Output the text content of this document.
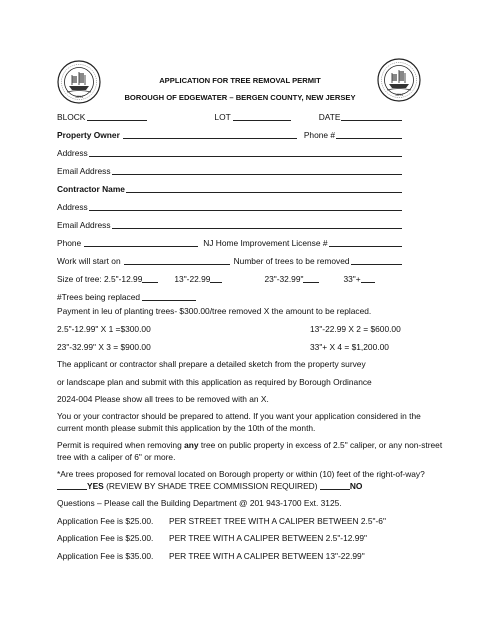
1894	1894
APPLICATION FOR TREE REMOVAL PERMIT
BOROUGH OF EDGEWATER – BERGEN COUNTY, NEW JERSEY
BLOCK	LOT	DATE
Property Owner	Phone #
Address
Email Address
Contractor Name
Address
Email Address
Phone	NJ Home Improvement License #
Work will start on	Number of trees to be removed
Size of tree: 2.5"-12.99	13"-22.99	23"-32.99"	33"+
#Trees being replaced
Payment in leu of planting trees- $300.00/tree removed X the amount to be replaced.
2.5"-12.99" X 1 =$300.00	13"-22.99 X 2 = $600.00
23"-32.99" X 3 = $900.00	33"+ X 4 = $1,200.00
The applicant or contractor shall prepare a detailed sketch from the property survey
or landscape plan and submit with this application as required by Borough Ordinance
2024-004 Please show all trees to be removed with an X.
You or your contractor should be prepared to attend. If you want your application considered in the
current month please submit this application by the 10th of the month.
Permit is required when removing any tree on public property in excess of 2.5" caliper, or any non-street
tree with a caliper of 6" or more.
*Are trees proposed for removal located on Borough property or within (10) feet of the right-of-way?
YES (REVIEW BY SHADE TREE COMMISSION REQUIRED)	NO
Questions – Please call the Building Department @ 201 943-1700 Ext. 3125.
Application Fee is $25.00. PER STREET TREE WITH A CALIPER BETWEEN 2.5"-6"
Application Fee is $25.00. PER TREE WITH A CALIPER BETWEEN 2.5"-12.99"
Application Fee is $35.00. PER TREE WITH A CALIPER BETWEEN 13"-22.99"
